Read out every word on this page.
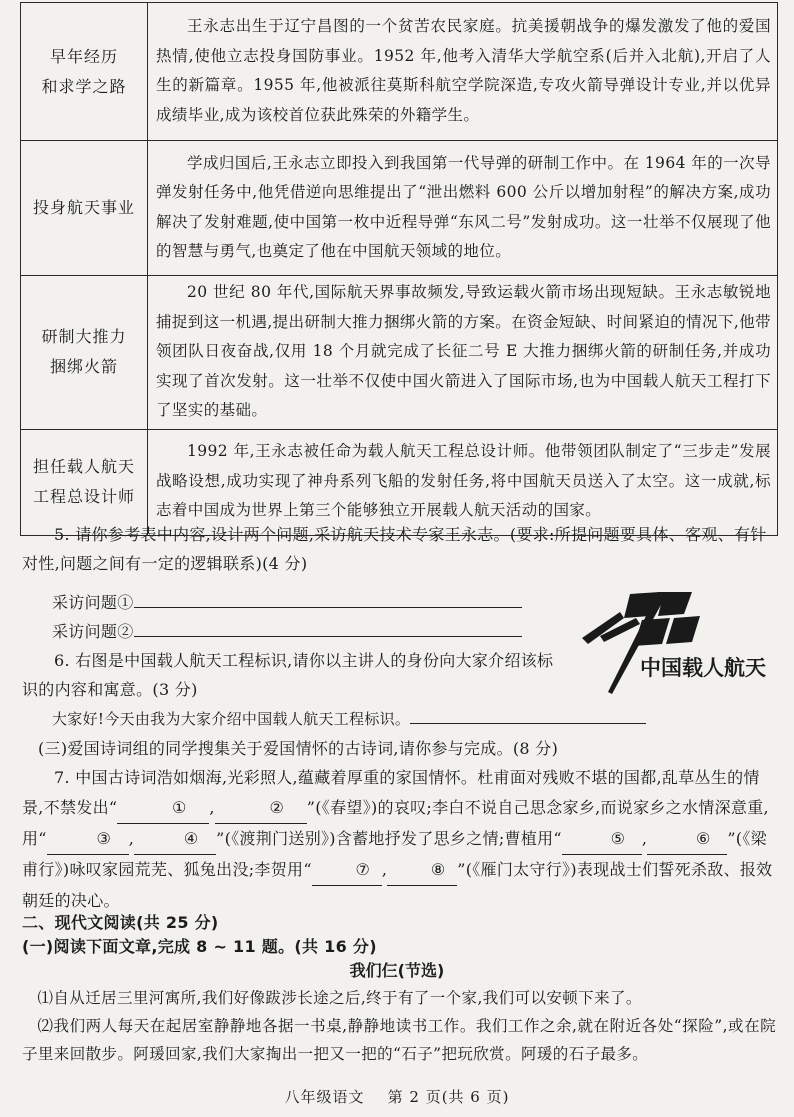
早年经历
和求学之路	王永志出生于辽宁昌图的一个贫苦农民家庭。抗美援朝战争的爆发激发了他的爱国热情,使他立志投身国防事业。1952 年,他考入清华大学航空系(后并入北航),开启了人生的新篇章。1955 年,他被派往莫斯科航空学院深造,专攻火箭导弹设计专业,并以优异成绩毕业,成为该校首位获此殊荣的外籍学生。

投身航天事业	学成归国后,王永志立即投入到我国第一代导弹的研制工作中。在 1964 年的一次导弹发射任务中,他凭借逆向思维提出了“泄出燃料 600 公斤以增加射程”的解决方案,成功解决了发射难题,使中国第一枚中近程导弹“东风二号”发射成功。这一壮举不仅展现了他的智慧与勇气,也奠定了他在中国航天领域的地位。

研制大推力
捆绑火箭	20 世纪 80 年代,国际航天界事故频发,导致运载火箭市场出现短缺。王永志敏锐地捕捉到这一机遇,提出研制大推力捆绑火箭的方案。在资金短缺、时间紧迫的情况下,他带领团队日夜奋战,仅用 18 个月就完成了长征二号 E 大推力捆绑火箭的研制任务,并成功实现了首次发射。这一壮举不仅使中国火箭进入了国际市场,也为中国载人航天工程打下了坚实的基础。

担任载人航天
工程总设计师	1992 年,王永志被任命为载人航天工程总设计师。他带领团队制定了“三步走”发展战略设想,成功实现了神舟系列飞船的发射任务,将中国航天员送入了太空。这一成就,标志着中国成为世界上第三个能够独立开展载人航天活动的国家。
5. 请你参考表中内容,设计两个问题,采访航天技术专家王永志。(要求:所提问题要具体、客观、有针对性,问题之间有一定的逻辑联系)(4 分)
采访问题①
采访问题②
中国载人航天
6. 右图是中国载人航天工程标识,请你以主讲人的身份向大家介绍该标识的内容和寓意。(3 分)
大家好!今天由我为大家介绍中国载人航天工程标识。
(三)爱国诗词组的同学搜集关于爱国情怀的古诗词,请你参与完成。(8 分)
7. 中国古诗词浩如烟海,光彩照人,蕴藏着厚重的家国情怀。杜甫面对残败不堪的国都,乱草丛生的情景,不禁发出“	① ,	② ”(《春望》)的哀叹;李白不说自己思念家乡,而说家乡之水情深意重,用“	③ ,	④ ”(《渡荆门送别》)含蓄地抒发了思乡之情;曹植用“	⑤ ,	⑥ ”(《梁甫行》)咏叹家园荒芜、狐兔出没;李贺用“	⑦ ,	⑧ ”(《雁门太守行》)表现战士们誓死杀敌、报效朝廷的决心。
二、现代文阅读(共 25 分)
(一)阅读下面文章,完成 8 ~ 11 题。(共 16 分)
我们仨(节选)
⑴自从迁居三里河寓所,我们好像跋涉长途之后,终于有了一个家,我们可以安顿下来了。
⑵我们两人每天在起居室静静地各据一书桌,静静地读书工作。我们工作之余,就在附近各处“探险”,或在院子里来回散步。阿瑗回家,我们大家掏出一把又一把的“石子”把玩欣赏。阿瑗的石子最多。
八年级语文 第 2 页(共 6 页)
